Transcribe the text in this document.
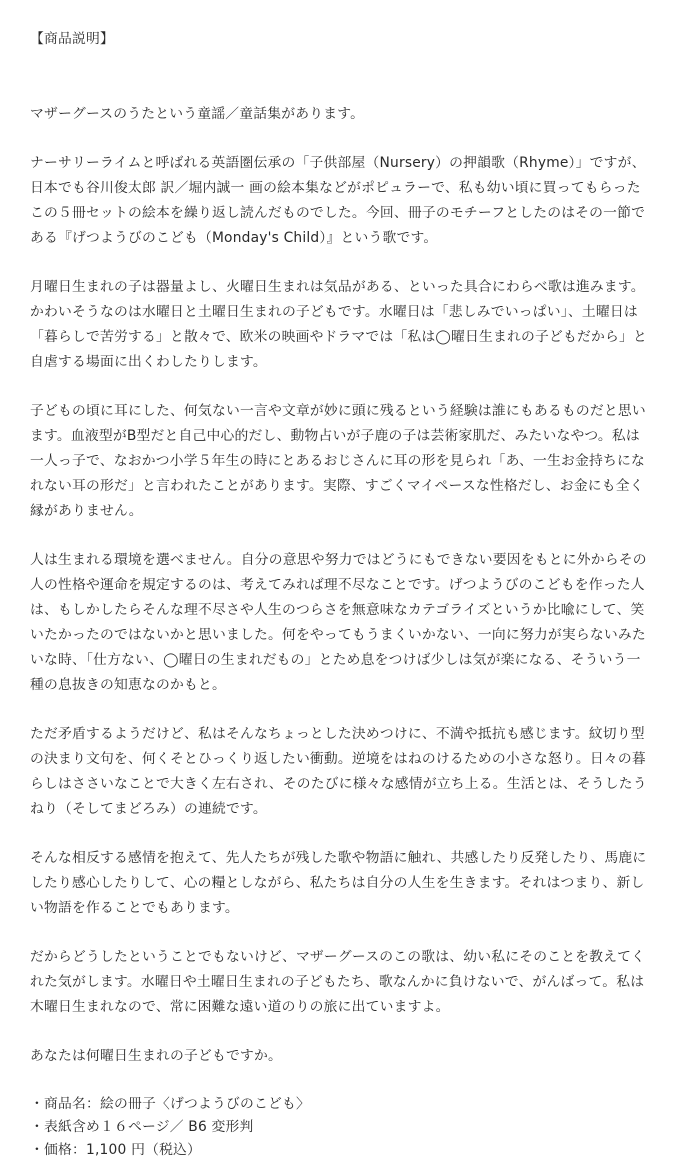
【商品説明】
マザーグースのうたという童謡／童話集があります。
ナーサリーライムと呼ばれる英語圏伝承の「子供部屋（Nursery）の押韻歌（Rhyme）」ですが、
日本でも谷川俊太郎 訳／堀内誠一 画の絵本集などがポピュラーで、私も幼い頃に買ってもらった
この５冊セットの絵本を繰り返し読んだものでした。今回、冊子のモチーフとしたのはその一節で
ある『げつようびのこども（Monday's Child）』という歌です。
月曜日生まれの子は器量よし、火曜日生まれは気品がある、といった具合にわらべ歌は進みます。
かわいそうなのは水曜日と土曜日生まれの子どもです。水曜日は「悲しみでいっぱい」、土曜日は
「暮らしで苦労する」と散々で、欧米の映画やドラマでは「私は◯曜日生まれの子どもだから」と
自虐する場面に出くわしたりします。
子どもの頃に耳にした、何気ない一言や文章が妙に頭に残るという経験は誰にもあるものだと思い
ます。血液型がB型だと自己中心的だし、動物占いが子鹿の子は芸術家肌だ、みたいなやつ。私は
一人っ子で、なおかつ小学５年生の時にとあるおじさんに耳の形を見られ「あ、一生お金持ちにな
れない耳の形だ」と言われたことがあります。実際、すごくマイペースな性格だし、お金にも全く
縁がありません。
人は生まれる環境を選べません。自分の意思や努力ではどうにもできない要因をもとに外からその
人の性格や運命を規定するのは、考えてみれば理不尽なことです。げつようびのこどもを作った人
は、もしかしたらそんな理不尽さや人生のつらさを無意味なカテゴライズというか比喩にして、笑
いたかったのではないかと思いました。何をやってもうまくいかない、一向に努力が実らないみた
いな時、「仕方ない、◯曜日の生まれだもの」とため息をつけば少しは気が楽になる、そういう一
種の息抜きの知恵なのかもと。
ただ矛盾するようだけど、私はそんなちょっとした決めつけに、不満や抵抗も感じます。紋切り型
の決まり文句を、何くそとひっくり返したい衝動。逆境をはねのけるための小さな怒り。日々の暮
らしはささいなことで大きく左右され、そのたびに様々な感情が立ち上る。生活とは、そうしたう
ねり（そしてまどろみ）の連続です。
そんな相反する感情を抱えて、先人たちが残した歌や物語に触れ、共感したり反発したり、馬鹿に
したり感心したりして、心の糧としながら、私たちは自分の人生を生きます。それはつまり、新し
い物語を作ることでもあります。
だからどうしたということでもないけど、マザーグースのこの歌は、幼い私にそのことを教えてく
れた気がします。水曜日や土曜日生まれの子どもたち、歌なんかに負けないで、がんばって。私は
木曜日生まれなので、常に困難な遠い道のりの旅に出ていますよ。
あなたは何曜日生まれの子どもですか。
・商品名：絵の冊子〈げつようびのこども〉
・表紙含め１６ページ／ B6 変形判
・価格：1,100 円（税込）
